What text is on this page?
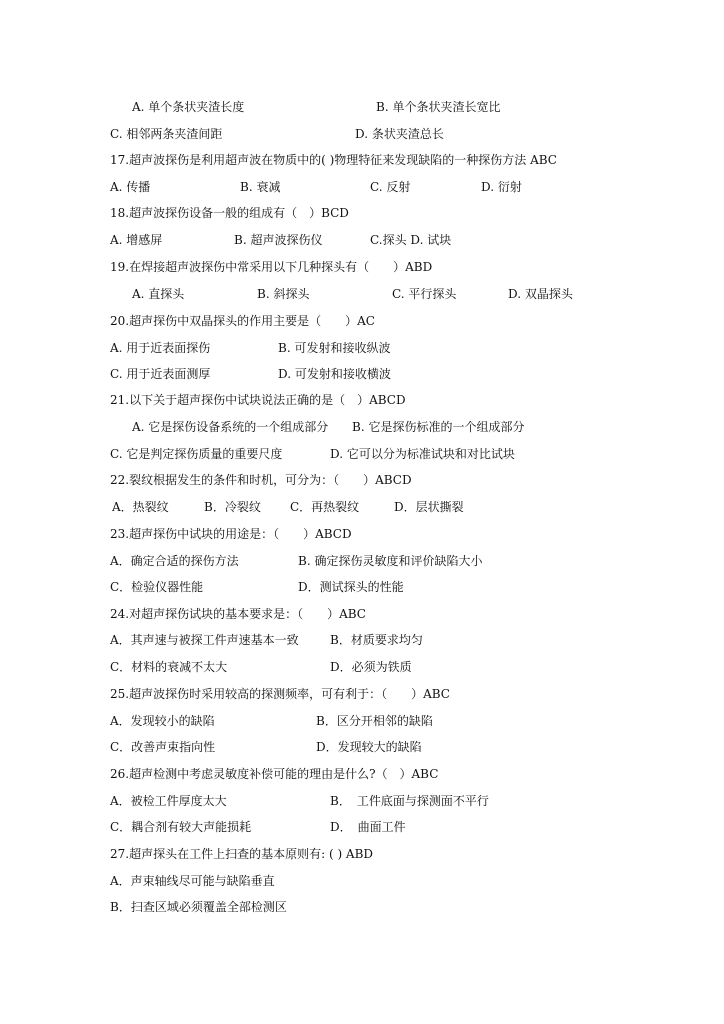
A. 单个条状夹渣长度	B. 单个条状夹渣长宽比
C. 相邻两条夹渣间距	D. 条状夹渣总长
17.超声波探伤是利用超声波在物质中的( )物理特征来发现缺陷的一种探伤方法 ABC
A. 传播	B. 衰减	C. 反射	D. 衍射
18.超声波探伤设备一般的组成有（　）BCD
A. 增感屏	B. 超声波探伤仪	C.探头 D. 试块
19.在焊接超声波探伤中常采用以下几种探头有（　　）ABD
A. 直探头	B. 斜探头	C. 平行探头	D. 双晶探头
20.超声探伤中双晶探头的作用主要是（　　）AC
A. 用于近表面探伤	B. 可发射和接收纵波
C. 用于近表面测厚	D. 可发射和接收横波
21.以下关于超声探伤中试块说法正确的是（　）ABCD
A. 它是探伤设备系统的一个组成部分 B. 它是探伤标准的一个组成部分
C. 它是判定探伤质量的重要尺度	D. 它可以分为标准试块和对比试块
22.裂纹根据发生的条件和时机，可分为：（　　）ABCD
A．热裂纹	B．冷裂纹 C．再热裂纹	D．层状撕裂
23.超声探伤中试块的用途是：（　　）ABCD
A．确定合适的探伤方法	B. 确定探伤灵敏度和评价缺陷大小
C．检验仪器性能	D．测试探头的性能
24.对超声探伤试块的基本要求是：（　　）ABC
A．其声速与被探工件声速基本一致	B．材质要求均匀
C．材料的衰减不太大	D．必须为铁质
25.超声波探伤时采用较高的探测频率，可有利于：（　　）ABC
A．发现较小的缺陷	B．区分开相邻的缺陷
C．改善声束指向性	D．发现较大的缺陷
26.超声检测中考虑灵敏度补偿可能的理由是什么?（　）ABC
A．被检工件厚度太大	B．　工件底面与探测面不平行
C．耦合剂有较大声能损耗	D．　曲面工件
27.超声探头在工件上扫查的基本原则有: ( ) ABD
A．声束轴线尽可能与缺陷垂直
B．扫查区域必须覆盖全部检测区
